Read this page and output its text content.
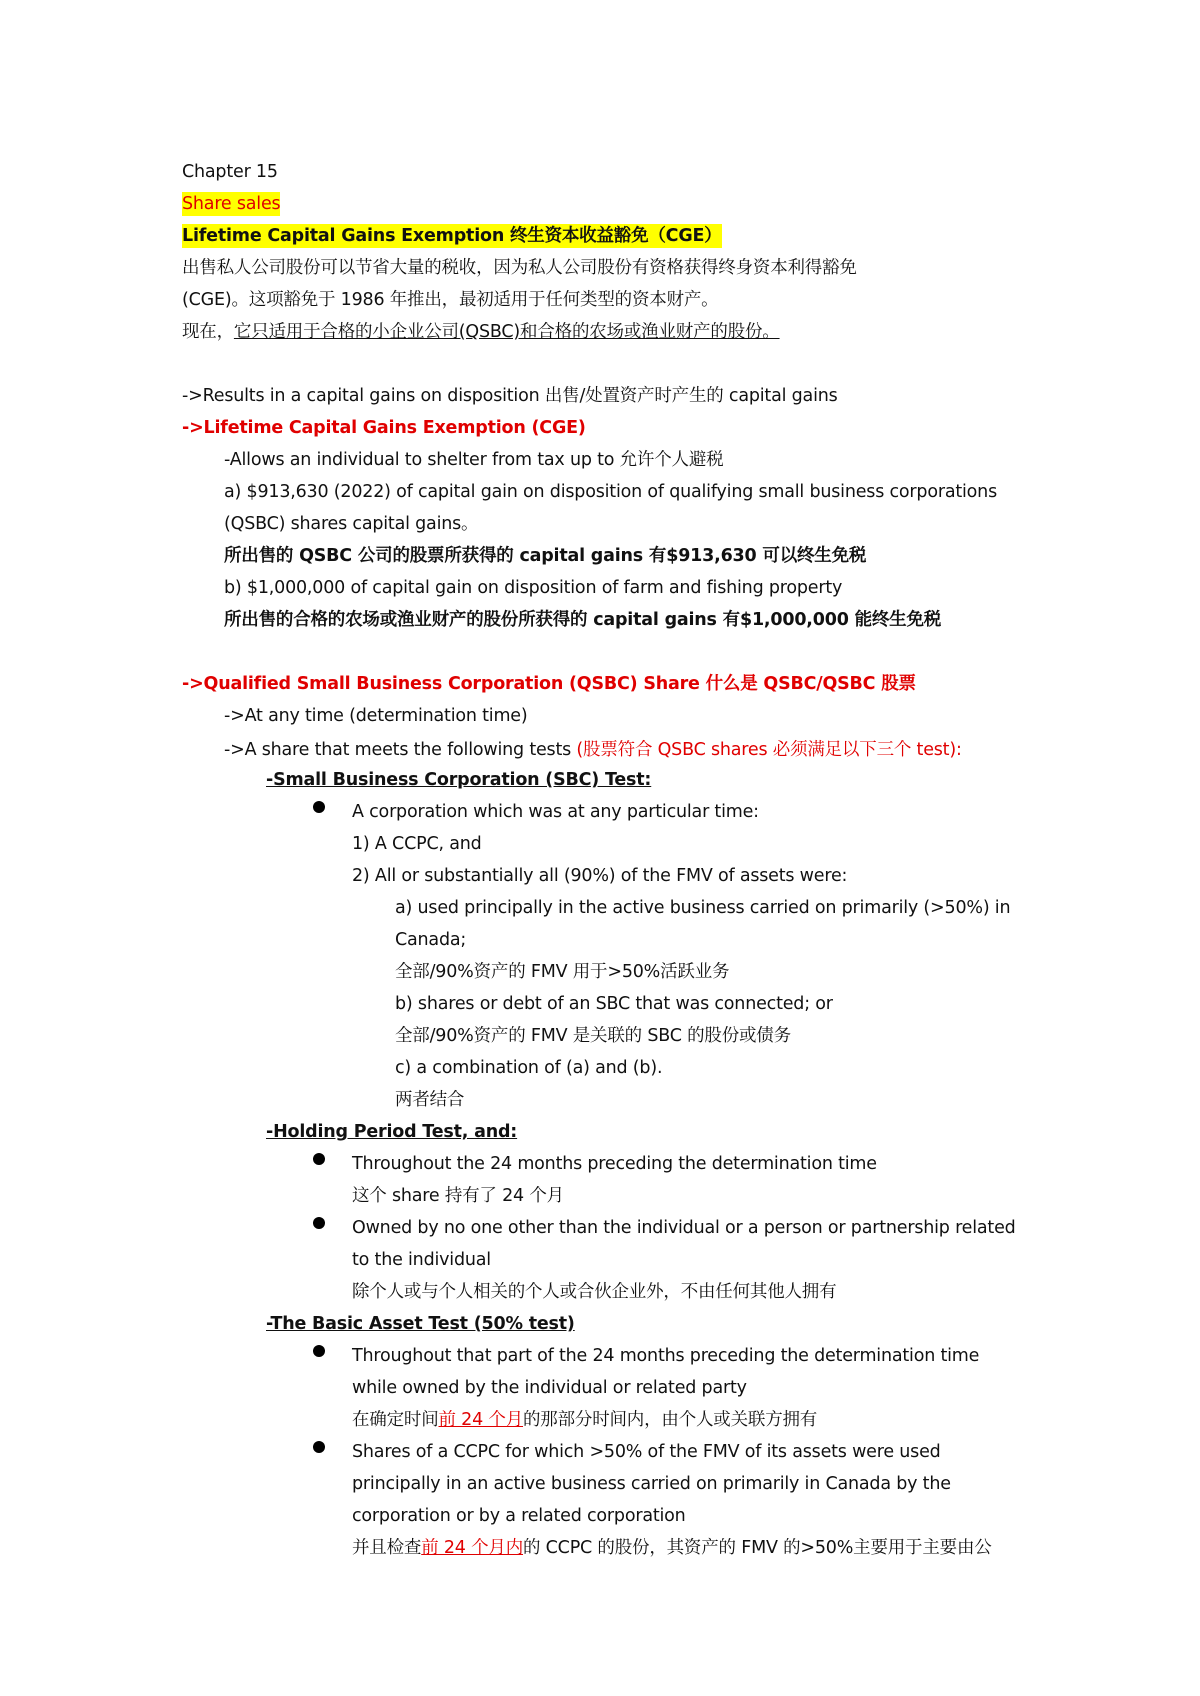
Chapter 15
Share sales
Lifetime Capital Gains Exemption 终生资本收益豁免（CGE）
出售私人公司股份可以节省大量的税收，因为私人公司股份有资格获得终身资本利得豁免
(CGE)。这项豁免于 1986 年推出，最初适用于任何类型的资本财产。
现在，它只适用于合格的小企业公司(QSBC)和合格的农场或渔业财产的股份。
->Results in a capital gains on disposition 出售/处置资产时产生的 capital gains
->Lifetime Capital Gains Exemption (CGE)
-Allows an individual to shelter from tax up to 允许个人避税
a) $913,630 (2022) of capital gain on disposition of qualifying small business corporations
(QSBC) shares capital gains。
所出售的 QSBC 公司的股票所获得的 capital gains 有$913,630 可以终生免税
b) $1,000,000 of capital gain on disposition of farm and fishing property
所出售的合格的农场或渔业财产的股份所获得的 capital gains 有$1,000,000 能终生免税
->Qualified Small Business Corporation (QSBC) Share 什么是 QSBC/QSBC 股票
->At any time (determination time)
->A share that meets the following tests (股票符合 QSBC shares 必须满足以下三个 test):
-Small Business Corporation (SBC) Test:
A corporation which was at any particular time:
1) A CCPC, and
2) All or substantially all (90%) of the FMV of assets were:
a) used principally in the active business carried on primarily (>50%) in
Canada;
全部/90%资产的 FMV 用于>50%活跃业务
b) shares or debt of an SBC that was connected; or
全部/90%资产的 FMV 是关联的 SBC 的股份或债务
c) a combination of (a) and (b).
两者结合
-Holding Period Test, and:
Throughout the 24 months preceding the determination time
这个 share 持有了 24 个月
Owned by no one other than the individual or a person or partnership related
to the individual
除个人或与个人相关的个人或合伙企业外，不由任何其他人拥有
-The Basic Asset Test (50% test)
Throughout that part of the 24 months preceding the determination time
while owned by the individual or related party
在确定时间前 24 个月的那部分时间内，由个人或关联方拥有
Shares of a CCPC for which >50% of the FMV of its assets were used
principally in an active business carried on primarily in Canada by the
corporation or by a related corporation
并且检查前 24 个月内的 CCPC 的股份，其资产的 FMV 的>50%主要用于主要由公
